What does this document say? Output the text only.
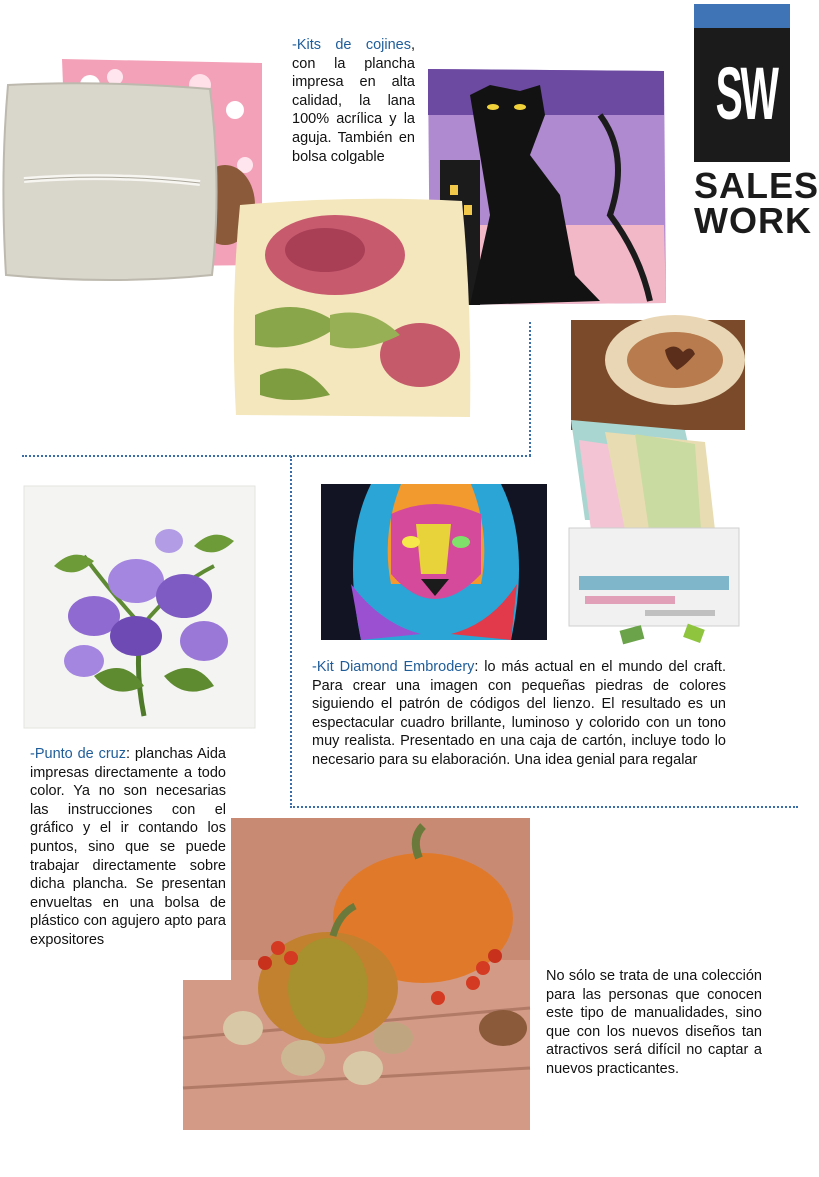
SW
SALES
WORK
-Kits de cojines, con la plancha impresa en alta calidad, la lana 100% acrílica y la aguja. También en bolsa colgable
-Kit Diamond Embrodery: lo más actual en el mundo del craft. Para crear una imagen con pequeñas piedras de colores siguiendo el patrón de códigos del lienzo. El resultado es un espectacular cuadro brillante, luminoso y colorido con un tono muy realista. Presentado en una caja de cartón, incluye todo lo necesario para su elaboración. Una idea genial para regalar
-Punto de cruz: planchas Aida impresas directamente a todo color. Ya no son necesarias las instrucciones con el gráfico y el ir contando los puntos, sino que se puede trabajar directamente sobre dicha plancha. Se presentan envueltas en una bolsa de plástico con agujero apto para expositores
No sólo se trata de una colección para las personas que conocen este tipo de manualidades, sino que con los nuevos diseños tan atractivos será difícil no captar a nuevos practicantes.
